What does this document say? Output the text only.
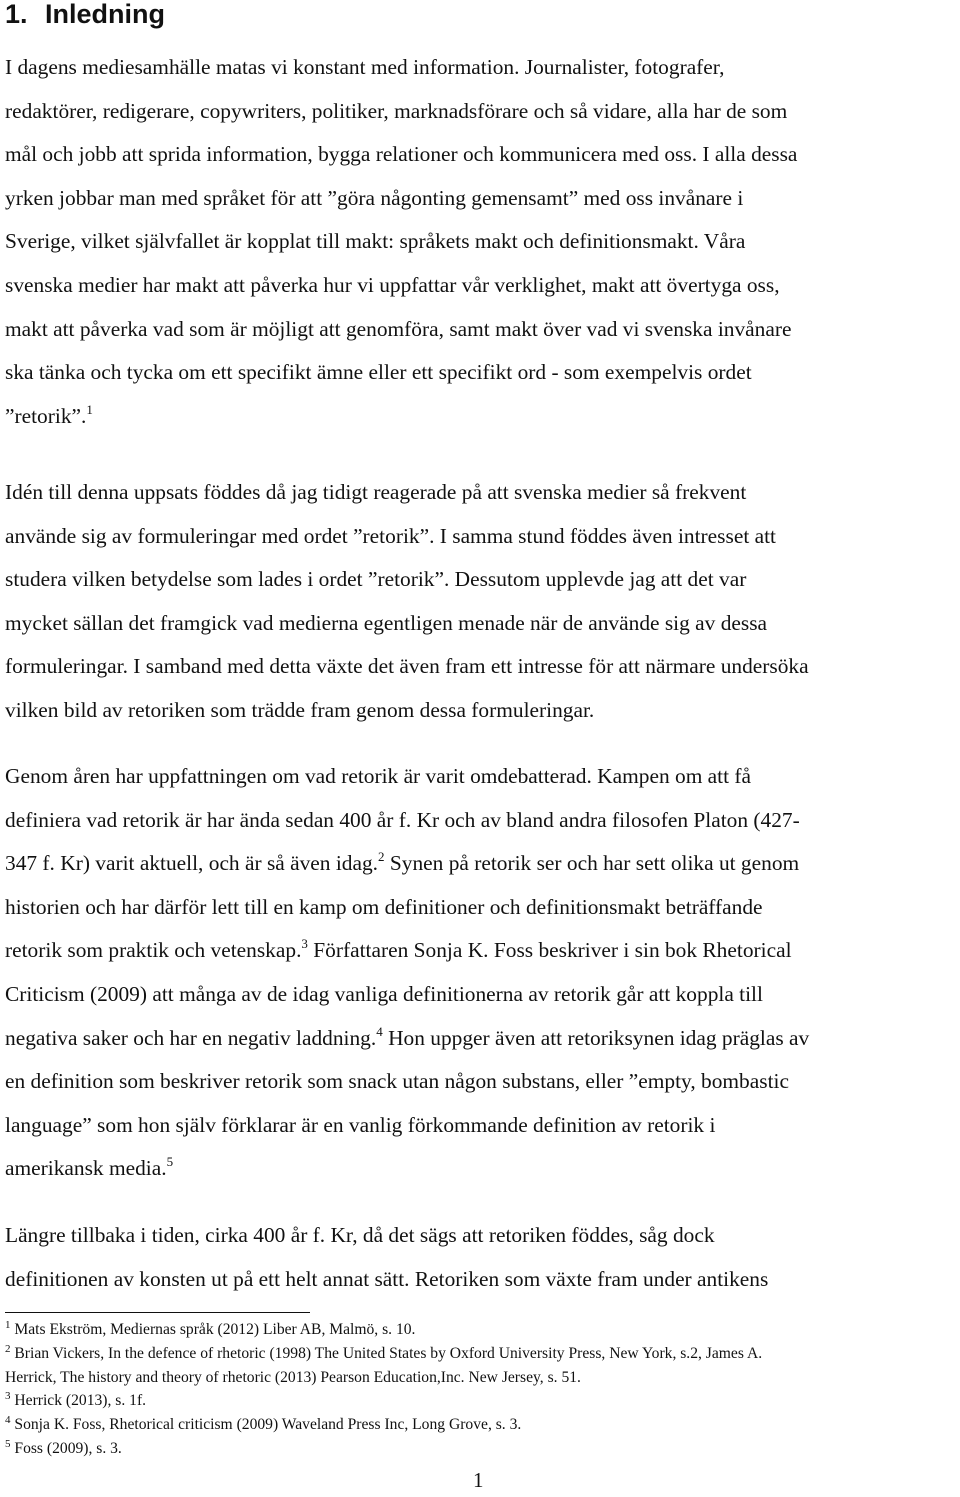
1. Inledning
I dagens mediesamhälle matas vi konstant med information. Journalister, fotografer,
redaktörer, redigerare, copywriters, politiker, marknadsförare och så vidare, alla har de som
mål och jobb att sprida information, bygga relationer och kommunicera med oss. I alla dessa
yrken jobbar man med språket för att ”göra någonting gemensamt” med oss invånare i
Sverige, vilket självfallet är kopplat till makt: språkets makt och definitionsmakt. Våra
svenska medier har makt att påverka hur vi uppfattar vår verklighet, makt att övertyga oss,
makt att påverka vad som är möjligt att genomföra, samt makt över vad vi svenska invånare
ska tänka och tycka om ett specifikt ämne eller ett specifikt ord - som exempelvis ordet
”retorik”.$^1$
Idén till denna uppsats föddes då jag tidigt reagerade på att svenska medier så frekvent
använde sig av formuleringar med ordet ”retorik”. I samma stund föddes även intresset att
studera vilken betydelse som lades i ordet ”retorik”. Dessutom upplevde jag att det var
mycket sällan det framgick vad medierna egentligen menade när de använde sig av dessa
formuleringar. I samband med detta växte det även fram ett intresse för att närmare undersöka
vilken bild av retoriken som trädde fram genom dessa formuleringar.
Genom åren har uppfattningen om vad retorik är varit omdebatterad. Kampen om att få
definiera vad retorik är har ända sedan 400 år f. Kr och av bland andra filosofen Platon (427-
347 f. Kr) varit aktuell, och är så även idag.$^2$ Synen på retorik ser och har sett olika ut genom
historien och har därför lett till en kamp om definitioner och definitionsmakt beträffande
retorik som praktik och vetenskap.$^3$ Författaren Sonja K. Foss beskriver i sin bok Rhetorical
Criticism (2009) att många av de idag vanliga definitionerna av retorik går att koppla till
negativa saker och har en negativ laddning.$^4$ Hon uppger även att retoriksynen idag präglas av
en definition som beskriver retorik som snack utan någon substans, eller ”empty, bombastic
language” som hon själv förklarar är en vanlig förkommande definition av retorik i
amerikansk media.$^5$
Längre tillbaka i tiden, cirka 400 år f. Kr, då det sägs att retoriken föddes, såg dock
definitionen av konsten ut på ett helt annat sätt. Retoriken som växte fram under antikens
$^1$ Mats Ekström, Mediernas språk (2012) Liber AB, Malmö, s. 10.
$^2$ Brian Vickers, In the defence of rhetoric (1998) The United States by Oxford University Press, New York, s.2, James A.
Herrick, The history and theory of rhetoric (2013) Pearson Education,Inc. New Jersey, s. 51.
$^3$ Herrick (2013), s. 1f.
$^4$ Sonja K. Foss, Rhetorical criticism (2009) Waveland Press Inc, Long Grove, s. 3.
$^5$ Foss (2009), s. 3.
1
